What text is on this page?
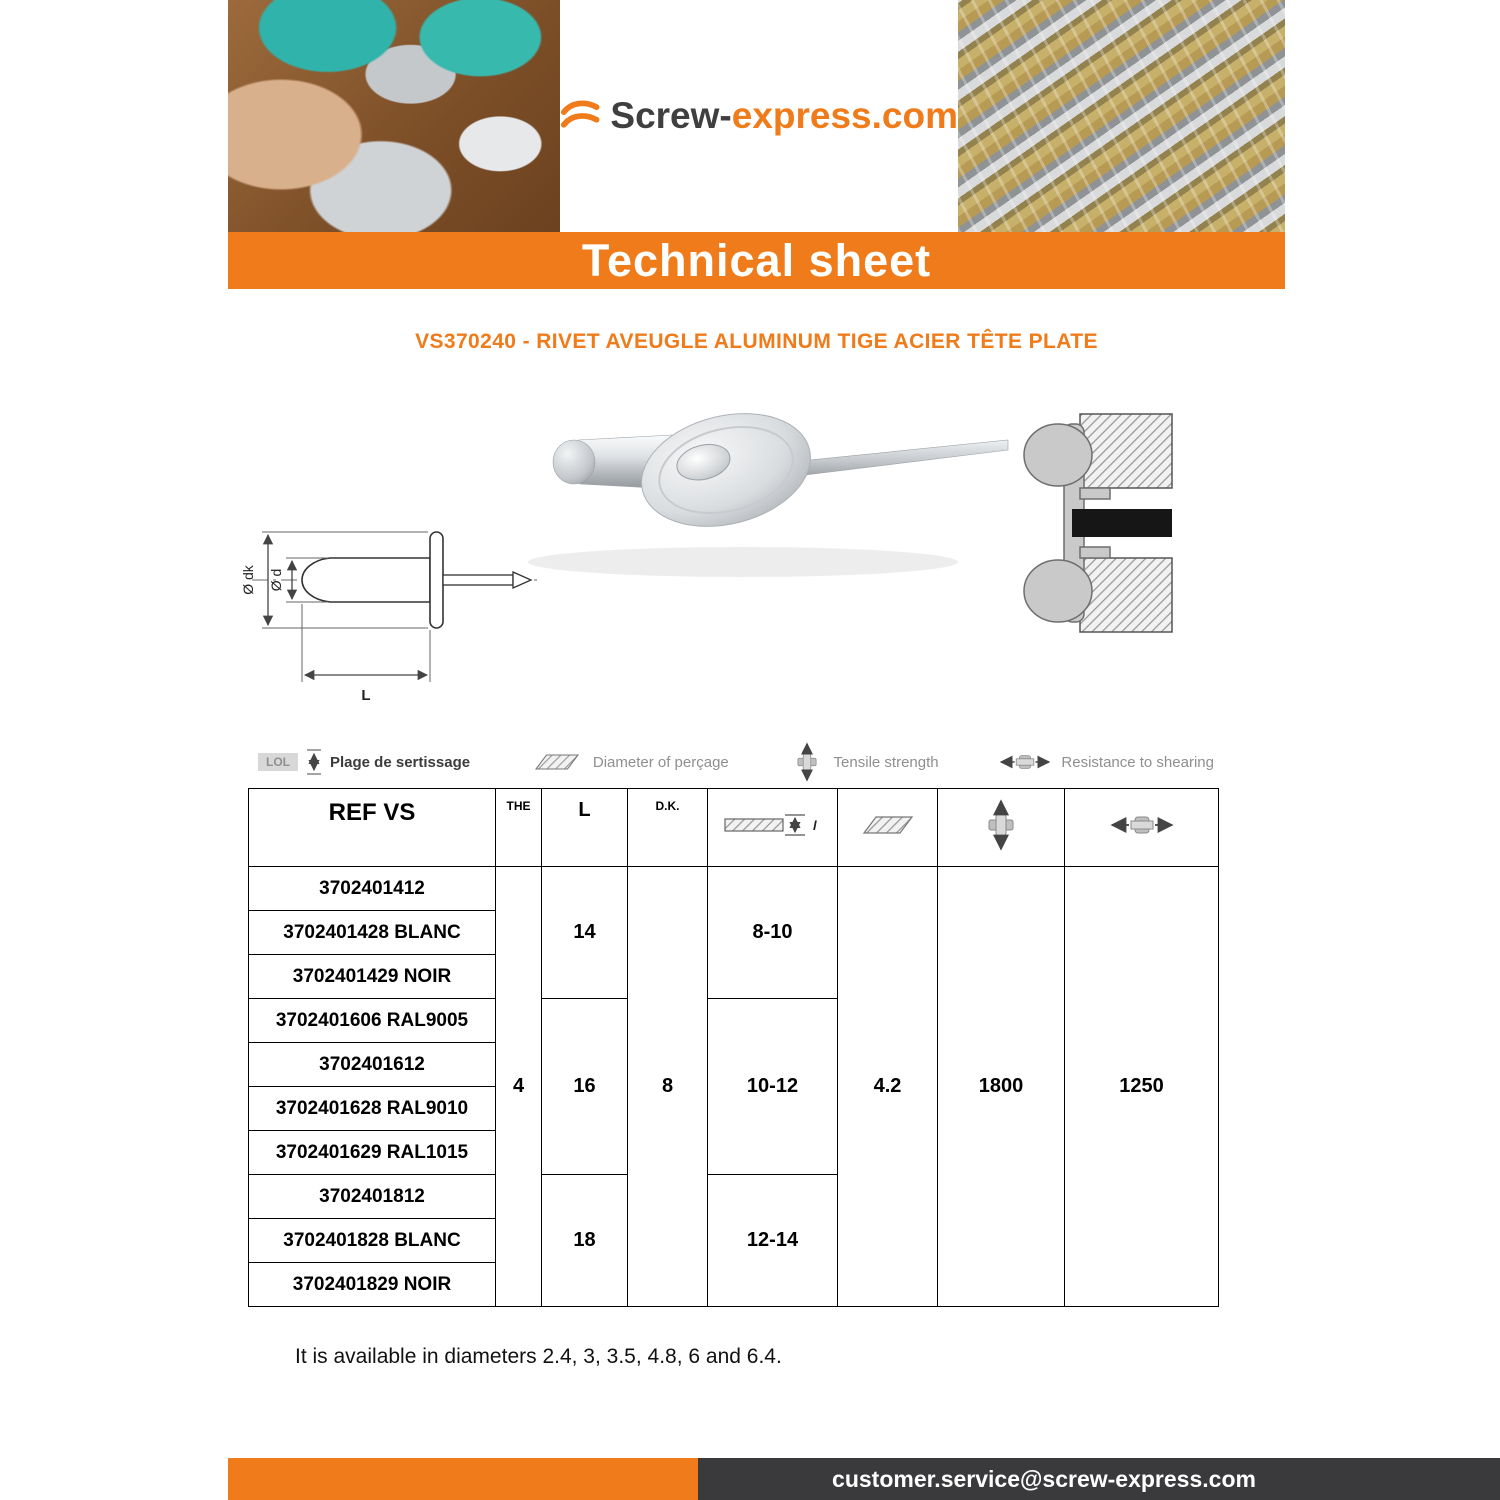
Screw-express.com
Technical sheet
VS370240 - RIVET AVEUGLE ALUMINUM TIGE ACIER TÊTE PLATE
Ø dk Ø d
L
LOL	Plage de sertissage	Diameter of perçage	Tensile strength	Resistance to shearing
REF VS	THE	L	D.K.	l

3702401412	4	14	8	8-10	4.2	1800	1250
3702401428 BLANC							
3702401429 NOIR							
3702401606 RAL9005		16		10-12			
3702401612							
3702401628 RAL9010							
3702401629 RAL1015							
3702401812		18		12-14			
3702401828 BLANC							
3702401829 NOIR							
It is available in diameters 2.4, 3, 3.5, 4.8, 6 and 6.4.
customer.service@screw-express.com
